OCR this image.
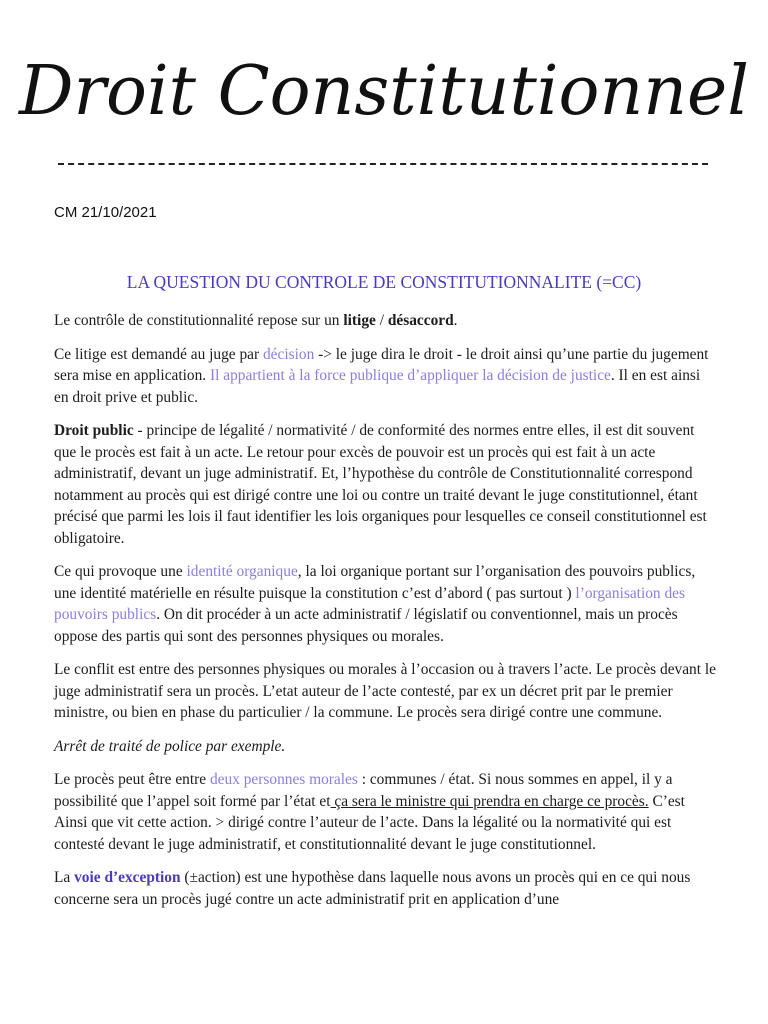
Droit Constitutionnel
CM 21/10/2021
LA QUESTION DU CONTROLE DE CONSTITUTIONNALITE (=CC)

Le contrôle de constitutionnalité repose sur un litige / désaccord.

Ce litige est demandé au juge par décision -> le juge dira le droit - le droit ainsi qu’une partie du jugement sera mise en application. Il appartient à la force publique d’appliquer la décision de justice. Il en est ainsi en droit prive et public.

Droit public - principe de légalité / normativité / de conformité des normes entre elles, il est dit souvent que le procès est fait à un acte. Le retour pour excès de pouvoir est un procès qui est fait à un acte administratif, devant un juge administratif. Et, l’hypothèse du contrôle de Constitutionnalité correspond notamment au procès qui est dirigé contre une loi ou contre un traité devant le juge constitutionnel, étant précisé que parmi les lois il faut identifier les lois organiques pour lesquelles ce conseil constitutionnel est obligatoire.

Ce qui provoque une identité organique, la loi organique portant sur l’organisation des pouvoirs publics, une identité matérielle en résulte puisque la constitution c’est d’abord ( pas surtout ) l’organisation des pouvoirs publics. On dit procéder à un acte administratif / législatif ou conventionnel, mais un procès oppose des partis qui sont des personnes physiques ou morales.

Le conflit est entre des personnes physiques ou morales à l’occasion ou à travers l’acte. Le procès devant le juge administratif sera un procès. L’etat auteur de l’acte contesté, par ex un décret prit par le premier ministre, ou bien en phase du particulier / la commune. Le procès sera dirigé contre une commune.

Arrêt de traité de police par exemple.

Le procès peut être entre deux personnes morales : communes / état. Si nous sommes en appel, il y a possibilité que l’appel soit formé par l’état et ça sera le ministre qui prendra en charge ce procès. C’est Ainsi que vit cette action. > dirigé contre l’auteur de l’acte. Dans la légalité ou la normativité qui est contesté devant le juge administratif, et constitutionnalité devant le juge constitutionnel.

La voie d’exception (±action) est une hypothèse dans laquelle nous avons un procès qui en ce qui nous concerne sera un procès jugé contre un acte administratif prit en application d’une
